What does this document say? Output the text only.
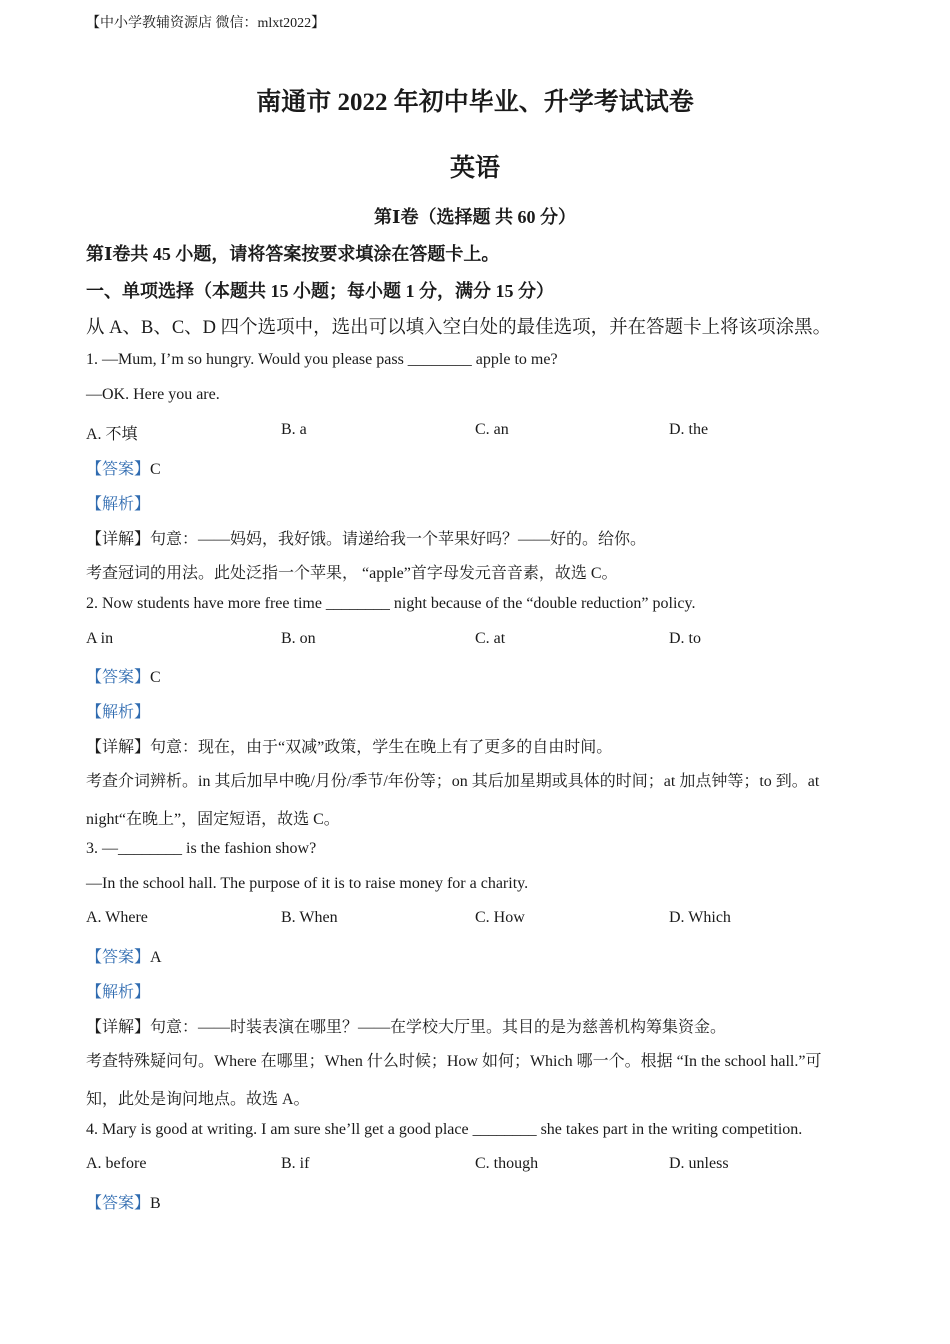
【中小学教辅资源店 微信：mlxt2022】
南通市 2022 年初中毕业、升学考试试卷
英语
第Ⅰ卷（选择题 共 60 分）
第Ⅰ卷共 45 小题，请将答案按要求填涂在答题卡上。
一、单项选择（本题共 15 小题；每小题 1 分，满分 15 分）
从 A、B、C、D 四个选项中，选出可以填入空白处的最佳选项，并在答题卡上将该项涂黑。
1. —Mum, I’m so hungry. Would you please pass ________ apple to me?
—OK. Here you are.
A. 不填	B. a	C. an	D. the
【答案】C
【解析】
【详解】句意：——妈妈，我好饿。请递给我一个苹果好吗？——好的。给你。
考查冠词的用法。此处泛指一个苹果， “apple”首字母发元音音素，故选 C。
2. Now students have more free time ________ night because of the “double reduction” policy.
A in	B. on	C. at	D. to
【答案】C
【解析】
【详解】句意：现在，由于“双减”政策，学生在晚上有了更多的自由时间。
考查介词辨析。in 其后加早中晚/月份/季节/年份等；on 其后加星期或具体的时间；at 加点钟等；to 到。at
night“在晚上”，固定短语，故选 C。
3. —________ is the fashion show?
—In the school hall. The purpose of it is to raise money for a charity.
A. Where	B. When	C. How	D. Which
【答案】A
【解析】
【详解】句意：——时装表演在哪里？——在学校大厅里。其目的是为慈善机构筹集资金。
考查特殊疑问句。Where 在哪里；When 什么时候；How 如何；Which 哪一个。根据 “In the school hall.”可
知，此处是询问地点。故选 A。
4. Mary is good at writing. I am sure she’ll get a good place ________ she takes part in the writing competition.
A. before	B. if	C. though	D. unless
【答案】B
